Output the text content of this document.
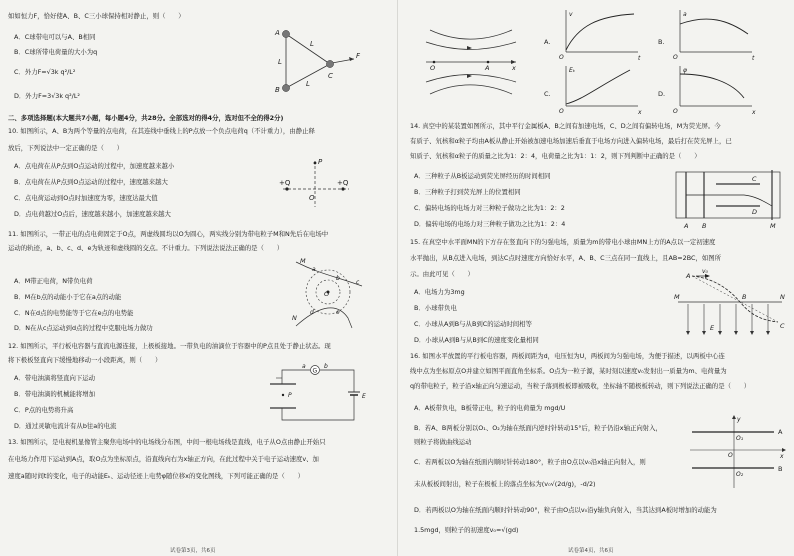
如如恒力F，恰好使A、B、C三小球保持相对静止，则（　　）
A．C球带电可以与A、B相同
B．C球所带电荷量的大小为q
C．外力F=√3k q²/L²
D．外力F=3√3k q²/L²
A
B
C
L
L
L
F
二、多项选择题(本大题共7小题，每小题4分，共28分。全部选对的得4分，选对但不全的得2分)
10. 如图所示，A、B为两个等量的点电荷，在其连线中垂线上的P点放一个负点电荷q（不计重力），由静止释
放后，下列说法中一定正确的是（　　）
A．点电荷在从P点到O点运动的过程中，加速度越来越小
B．点电荷在从P点到O点运动的过程中，速度越来越大
C．点电荷运动到O点时加速度为零，速度达最大值
D．点电荷越过O点后，速度越来越小，加速度越来越大
P
O
+Q	+Q
11. 如图所示，一带正电的点电荷固定于O点，两虚线圆均以O为圆心，两实线分别为带电粒子M和N先后在电场中
运动的轨迹，a、b、c、d、e为轨迹和虚线圆的交点。不计重力。下列说法说法正确的是（　　）
A．M带正电荷，N带负电荷
B．M在b点的动能小于它在a点的动能
C．N在d点的电势能等于它在e点的电势能
D．N在从c点运动到d点的过程中克服电场力做功
M
N
O
a
b
c
d	e
12. 如图所示，平行板电容器与直流电源连接，上极板接地。一带负电的油滴位于容器中的P点且处于静止状态。现
将下极板竖直向下缓慢地移动一小段距离，则（　　）
A．带电油滴将竖直向下运动
B．带电油滴的机械能将增加
C．P点的电势将升高
D．通过灵敏电流计有从b往a的电流
G
P
a	b
E
13. 如图所示，是电视机显像管主聚焦电场中的电场线分布图，中间一根电场线是直线，电子从O点由静止开始只
在电场力作用下运动到A点，取O点为坐标原点，沿直线向右为x轴正方向，在此过程中关于电子运动速度v、加
速度a随时间t的变化，电子的动能Eₖ、运动径迹上电势φ随位移x的变化图线，下列可能正确的是（　　）
试卷第3页，共6页
O	A	x
A.
v
t
O
B.
a
t
O
C.
Eₖ
x
O
D.
φ
x
O
14. 真空中的某装置如图所示，其中平行金属板A、B之间有加速电场，C、D之间有偏转电场，M为荧光屏。今
有质子、氘核和α粒子均由A板从静止开始被加速电场加速后垂直于电场方向进入偏转电场，最后打在荧光屏上，已
知质子、氘核和α粒子的质量之比为1：2：4，电荷量之比为1：1：2，则下列判断中正确的是（　　）
A．三种粒子从B板运动到荧光屏经历的时间相同
B．三种粒子打到荧光屏上的位置相同
C．偏转电场的电场力对三种粒子做功之比为1：2：2
D．偏转电场的电场力对三种粒子做功之比为1：2：4	A B
C
D
M
15. 在真空中水平面MN的下方存在竖直向下的匀强电场，质量为m的带电小球由MN上方的A点以一定初速度
水平抛出，从B点进入电场，到达C点时速度方向恰好水平，A、B、C三点在同一直线上，且AB=2BC，如图所
示。由此可见（　　）
A．电场力为3mg
B．小球带负电
C．小球从A到B与从B到C的运动时间相等
D．小球从A到B与从B到C的速度变化量相同
A
v₀
B
C
M	N
E
16. 如图水平放置的平行板电容器，两板间距为d，电压恒为U，两板间为匀强电场，为便于描述，以两板中心连
线中点为坐标原点O并建立如图平面直角坐标系。O点为一粒子源，某时刻以速度v₀发射出一质量为m、电荷量为
q的带电粒子，粒子沿x轴正向匀速运动，当粒子落到极板即被吸收，坐标轴不随极板转动，则下列说法正确的是（　　）
A．A板带负电，B板带正电，粒子的电荷量为 mgd/U
B．若A、B两板分别以O₁、O₂为轴在纸面内逆时针转动15°后，粒子仍沿x轴正向射入，
则粒子将做曲线运动
C．若两板以O为轴在纸面内顺时针转动180°，粒子由O点以v₀沿x轴正向射入，则
末从板板间射出，粒子在极板上的落点坐标为(v₀√(2d/g)，-d/2)
D．若两板以O为轴在纸面内顺时针转动90°，粒子由O点以v₀沿y轴负向射入，当其达到A板时增加的动能为
1.5mgd，则粒子的初速度v₀=√(gd)
A
B
O₁
O
O₂
x
y
试卷第4页，共6页
